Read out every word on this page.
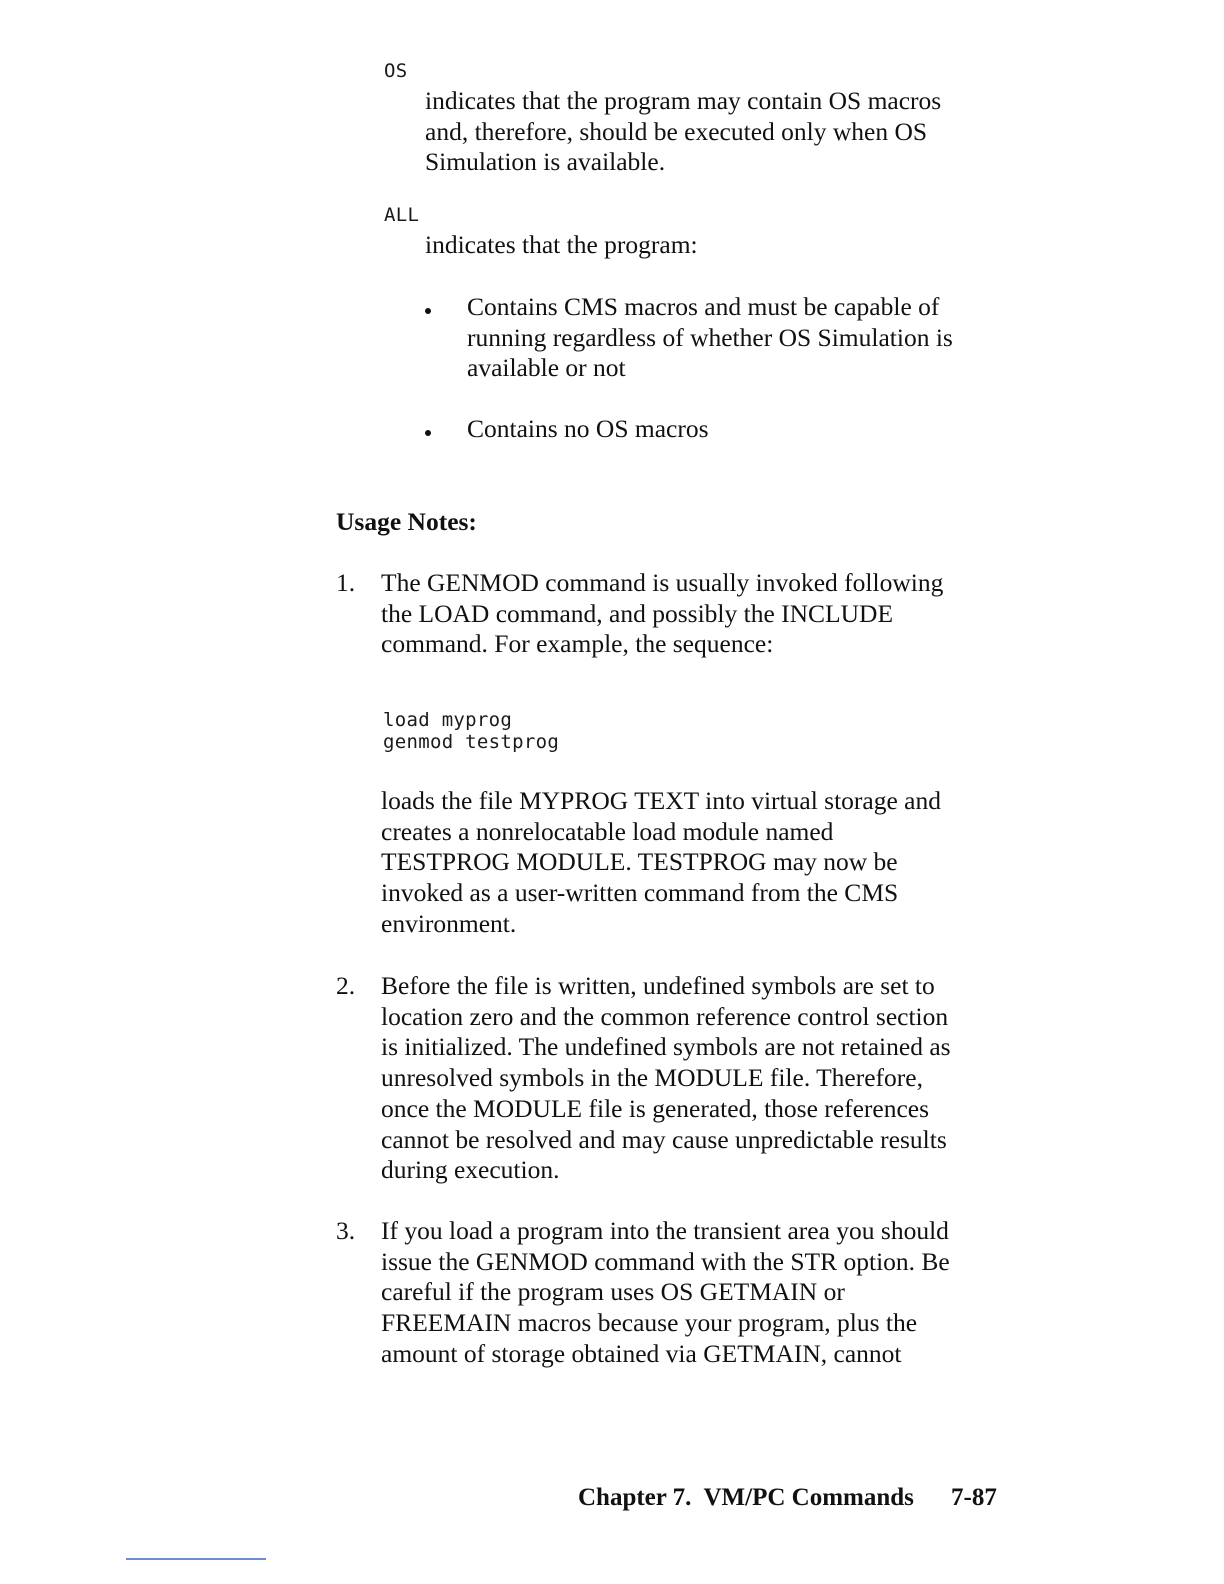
OS
indicates that the program may contain OS macros
and, therefore, should be executed only when OS
Simulation is available.
ALL
indicates that the program:
Contains CMS macros and must be capable of
running regardless of whether OS Simulation is
available or not
Contains no OS macros
Usage Notes:
1. The GENMOD command is usually invoked following
the LOAD command, and possibly the INCLUDE
command. For example, the sequence:
load myprog
genmod testprog
loads the file MYPROG TEXT into virtual storage and
creates a nonrelocatable load module named
TESTPROG MODULE. TESTPROG may now be
invoked as a user-written command from the CMS
environment.
2. Before the file is written, undefined symbols are set to
location zero and the common reference control section
is initialized. The undefined symbols are not retained as
unresolved symbols in the MODULE file. Therefore,
once the MODULE file is generated, those references
cannot be resolved and may cause unpredictable results
during execution.
3. If you load a program into the transient area you should
issue the GENMOD command with the STR option. Be
careful if the program uses OS GETMAIN or
FREEMAIN macros because your program, plus the
amount of storage obtained via GETMAIN, cannot
Chapter 7.  VM/PC Commands 7-87
